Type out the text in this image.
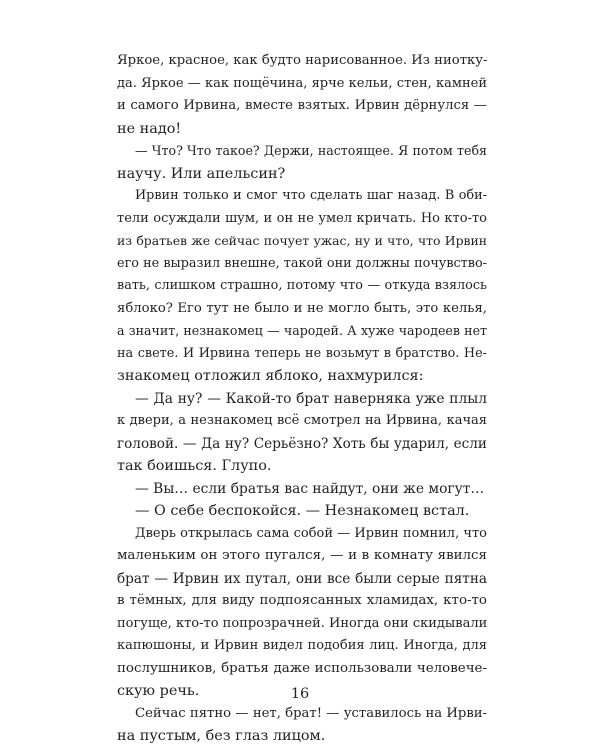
Яркое, красное, как будто нарисованное. Из ниотку-
да. Яркое — как пощёчина, ярче кельи, стен, камней
и самого Ирвина, вместе взятых. Ирвин дёрнулся —
не надо!
— Что? Что такое? Держи, настоящее. Я потом тебя
научу. Или апельсин?
Ирвин только и смог что сделать шаг назад. В оби-
тели осуждали шум, и он не умел кричать. Но кто-то
из братьев же сейчас почует ужас, ну и что, что Ирвин
его не выразил внешне, такой они должны почувство-
вать, слишком страшно, потому что — откуда взялось
яблоко? Его тут не было и не могло быть, это келья,
а значит, незнакомец — чародей. А хуже чародеев нет
на свете. И Ирвина теперь не возьмут в братство. Не-
знакомец отложил яблоко, нахмурился:
— Да ну? — Какой-то брат наверняка уже плыл
к двери, а незнакомец всё смотрел на Ирвина, качая
головой. — Да ну? Серьёзно? Хоть бы ударил, если
так боишься. Глупо.
— Вы… если братья вас найдут, они же могут…
— О себе беспокойся. — Незнакомец встал.
Дверь открылась сама собой — Ирвин помнил, что
маленьким он этого пугался, — и в комнату явился
брат — Ирвин их путал, они все были серые пятна
в тёмных, для виду подпоясанных хламидах, кто-то
погуще, кто-то попрозрачней. Иногда они скидывали
капюшоны, и Ирвин видел подобия лиц. Иногда, для
послушников, братья даже использовали человече-
скую речь.
Сейчас пятно — нет, брат! — уставилось на Ирви-
на пустым, без глаз лицом.
16
